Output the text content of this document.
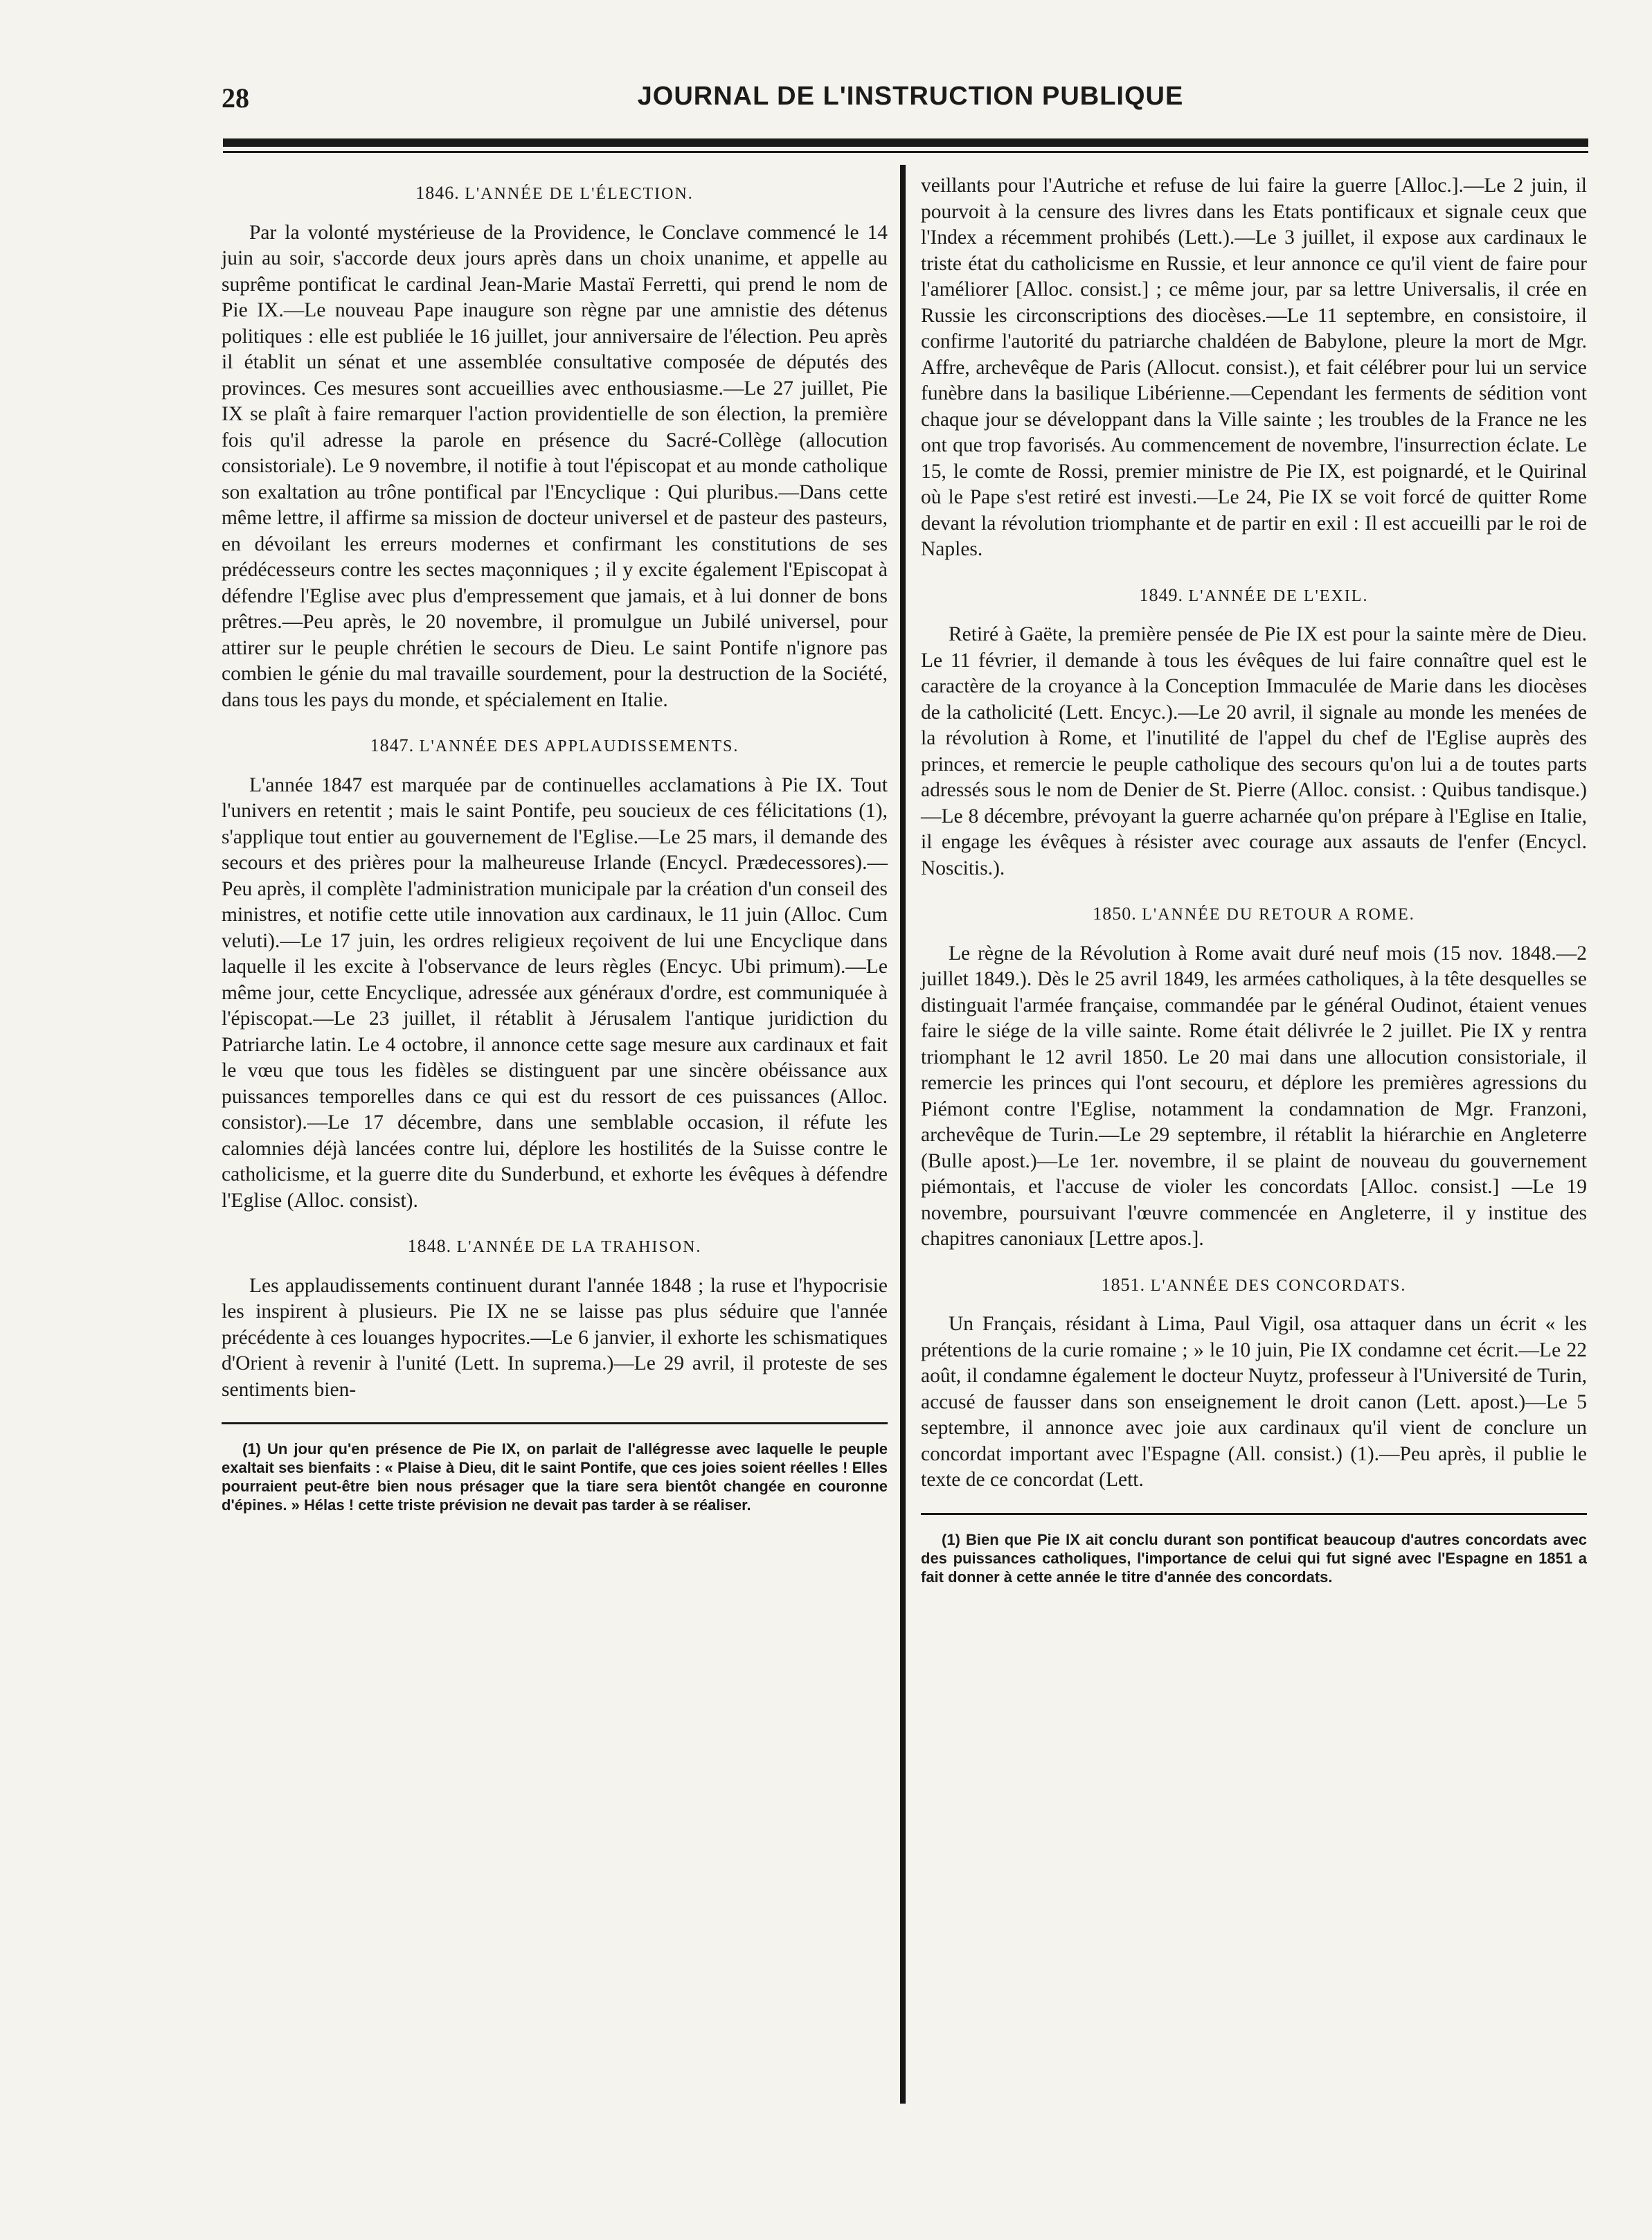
28	JOURNAL DE L'INSTRUCTION PUBLIQUE
1846. L'ANNÉE DE L'ÉLECTION.

Par la volonté mystérieuse de la Providence, le Conclave commencé le 14 juin au soir, s'accorde deux jours après dans un choix unanime, et appelle au suprême pontificat le cardinal Jean-Marie Mastaï Ferretti, qui prend le nom de Pie IX.—Le nouveau Pape inaugure son règne par une amnistie des détenus politiques : elle est publiée le 16 juillet, jour anniversaire de l'élection. Peu après il établit un sénat et une assemblée consultative composée de députés des provinces. Ces mesures sont accueillies avec enthousiasme.—Le 27 juillet, Pie IX se plaît à faire remarquer l'action providentielle de son élection, la première fois qu'il adresse la parole en présence du Sacré-Collège (allocution consistoriale). Le 9 novembre, il notifie à tout l'épiscopat et au monde catholique son exaltation au trône pontifical par l'Encyclique : Qui pluribus.—Dans cette même lettre, il affirme sa mission de docteur universel et de pasteur des pasteurs, en dévoilant les erreurs modernes et confirmant les constitutions de ses prédécesseurs contre les sectes maçonniques ; il y excite également l'Episcopat à défendre l'Eglise avec plus d'empressement que jamais, et à lui donner de bons prêtres.—Peu après, le 20 novembre, il promulgue un Jubilé universel, pour attirer sur le peuple chrétien le secours de Dieu. Le saint Pontife n'ignore pas combien le génie du mal travaille sourdement, pour la destruction de la Société, dans tous les pays du monde, et spécialement en Italie.

1847. L'ANNÉE DES APPLAUDISSEMENTS.

L'année 1847 est marquée par de continuelles acclamations à Pie IX. Tout l'univers en retentit ; mais le saint Pontife, peu soucieux de ces félicitations (1), s'applique tout entier au gouvernement de l'Eglise.—Le 25 mars, il demande des secours et des prières pour la malheureuse Irlande (Encycl. Prædecessores).—Peu après, il complète l'administration municipale par la création d'un conseil des ministres, et notifie cette utile innovation aux cardinaux, le 11 juin (Alloc. Cum veluti).—Le 17 juin, les ordres religieux reçoivent de lui une Encyclique dans laquelle il les excite à l'observance de leurs règles (Encyc. Ubi primum).—Le même jour, cette Encyclique, adressée aux généraux d'ordre, est communiquée à l'épiscopat.—Le 23 juillet, il rétablit à Jérusalem l'antique juridiction du Patriarche latin. Le 4 octobre, il annonce cette sage mesure aux cardinaux et fait le vœu que tous les fidèles se distinguent par une sincère obéissance aux puissances temporelles dans ce qui est du ressort de ces puissances (Alloc. consistor).—Le 17 décembre, dans une semblable occasion, il réfute les calomnies déjà lancées contre lui, déplore les hostilités de la Suisse contre le catholicisme, et la guerre dite du Sunderbund, et exhorte les évêques à défendre l'Eglise (Alloc. consist).

1848. L'ANNÉE DE LA TRAHISON.

Les applaudissements continuent durant l'année 1848 ; la ruse et l'hypocrisie les inspirent à plusieurs. Pie IX ne se laisse pas plus séduire que l'année précédente à ces louanges hypocrites.—Le 6 janvier, il exhorte les schismatiques d'Orient à revenir à l'unité (Lett. In suprema.)—Le 29 avril, il proteste de ses sentiments bien-

(1) Un jour qu'en présence de Pie IX, on parlait de l'allégresse avec laquelle le peuple exaltait ses bienfaits : « Plaise à Dieu, dit le saint Pontife, que ces joies soient réelles ! Elles pourraient peut-être bien nous présager que la tiare sera bientôt changée en couronne d'épines. » Hélas ! cette triste prévision ne devait pas tarder à se réaliser.

veillants pour l'Autriche et refuse de lui faire la guerre [Alloc.].—Le 2 juin, il pourvoit à la censure des livres dans les Etats pontificaux et signale ceux que l'Index a récemment prohibés (Lett.).—Le 3 juillet, il expose aux cardinaux le triste état du catholicisme en Russie, et leur annonce ce qu'il vient de faire pour l'améliorer [Alloc. consist.] ; ce même jour, par sa lettre Universalis, il crée en Russie les circonscriptions des diocèses.—Le 11 septembre, en consistoire, il confirme l'autorité du patriarche chaldéen de Babylone, pleure la mort de Mgr. Affre, archevêque de Paris (Allocut. consist.), et fait célébrer pour lui un service funèbre dans la basilique Libérienne.—Cependant les ferments de sédition vont chaque jour se développant dans la Ville sainte ; les troubles de la France ne les ont que trop favorisés. Au commencement de novembre, l'insurrection éclate. Le 15, le comte de Rossi, premier ministre de Pie IX, est poignardé, et le Quirinal où le Pape s'est retiré est investi.—Le 24, Pie IX se voit forcé de quitter Rome devant la révolution triomphante et de partir en exil : Il est accueilli par le roi de Naples.

1849. L'ANNÉE DE L'EXIL.

Retiré à Gaëte, la première pensée de Pie IX est pour la sainte mère de Dieu. Le 11 février, il demande à tous les évêques de lui faire connaître quel est le caractère de la croyance à la Conception Immaculée de Marie dans les diocèses de la catholicité (Lett. Encyc.).—Le 20 avril, il signale au monde les menées de la révolution à Rome, et l'inutilité de l'appel du chef de l'Eglise auprès des princes, et remercie le peuple catholique des secours qu'on lui a de toutes parts adressés sous le nom de Denier de St. Pierre (Alloc. consist. : Quibus tandisque.)—Le 8 décembre, prévoyant la guerre acharnée qu'on prépare à l'Eglise en Italie, il engage les évêques à résister avec courage aux assauts de l'enfer (Encycl. Noscitis.).

1850. L'ANNÉE DU RETOUR A ROME.

Le règne de la Révolution à Rome avait duré neuf mois (15 nov. 1848.—2 juillet 1849.). Dès le 25 avril 1849, les armées catholiques, à la tête desquelles se distinguait l'armée française, commandée par le général Oudinot, étaient venues faire le siége de la ville sainte. Rome était délivrée le 2 juillet. Pie IX y rentra triomphant le 12 avril 1850. Le 20 mai dans une allocution consistoriale, il remercie les princes qui l'ont secouru, et déplore les premières agressions du Piémont contre l'Eglise, notamment la condamnation de Mgr. Franzoni, archevêque de Turin.—Le 29 septembre, il rétablit la hiérarchie en Angleterre (Bulle apost.)—Le 1er. novembre, il se plaint de nouveau du gouvernement piémontais, et l'accuse de violer les concordats [Alloc. consist.] —Le 19 novembre, poursuivant l'œuvre commencée en Angleterre, il y institue des chapitres canoniaux [Lettre apos.].

1851. L'ANNÉE DES CONCORDATS.

Un Français, résidant à Lima, Paul Vigil, osa attaquer dans un écrit « les prétentions de la curie romaine ; » le 10 juin, Pie IX condamne cet écrit.—Le 22 août, il condamne également le docteur Nuytz, professeur à l'Université de Turin, accusé de fausser dans son enseignement le droit canon (Lett. apost.)—Le 5 septembre, il annonce avec joie aux cardinaux qu'il vient de conclure un concordat important avec l'Espagne (All. consist.) (1).—Peu après, il publie le texte de ce concordat (Lett.

(1) Bien que Pie IX ait conclu durant son pontificat beaucoup d'autres concordats avec des puissances catholiques, l'importance de celui qui fut signé avec l'Espagne en 1851 a fait donner à cette année le titre d'année des concordats.
